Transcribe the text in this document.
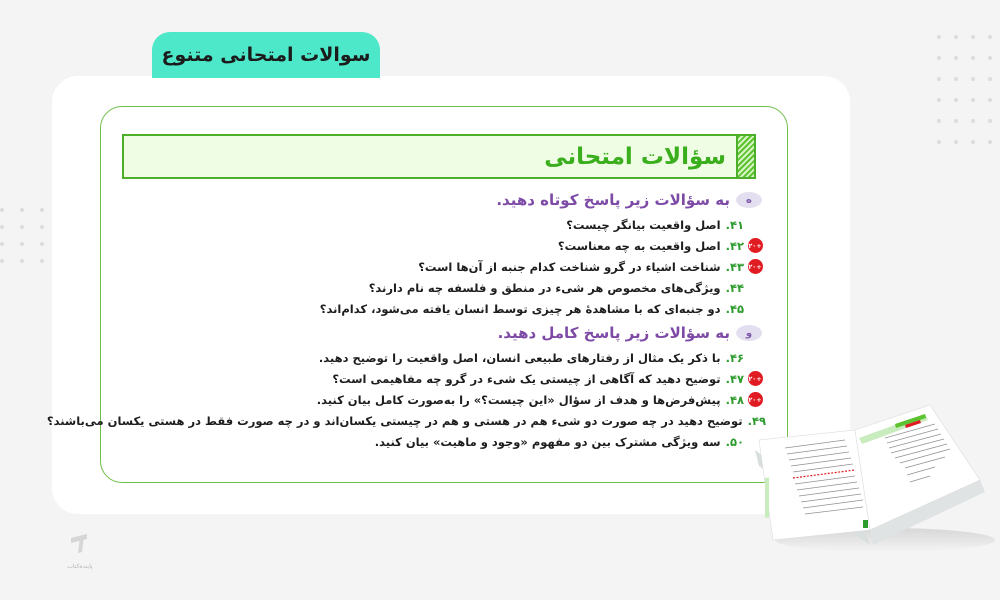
سوالات امتحانی متنوع
سؤالات امتحانی
ه
به سؤالات زیر پاسخ کوتاه دهید.
۴۱.
اصل واقعیت بیانگر چیست؟
+۲۰
۴۲.
اصل واقعیت به چه معناست؟
+۲۰
۴۳.
شناخت اشیاء در گرو شناخت کدام جنبه از آن‌ها است؟
۴۴.
ویژگی‌های مخصوص هر شیء در منطق و فلسفه چه نام دارند؟
۴۵.
دو جنبه‌ای که با مشاهدهٔ هر چیزی توسط انسان یافته می‌شود، کدام‌اند؟
و
به سؤالات زیر پاسخ کامل دهید.
۴۶.
با ذکر یک مثال از رفتارهای طبیعی انسان، اصل واقعیت را توضیح دهید.
+۲۰
۴۷.
توضیح دهید که آگاهی از چیستی یک شیء در گرو چه مفاهیمی است؟
+۲۰
۴۸.
پیش‌فرض‌ها و هدف از سؤال «این چیست؟» را به‌صورت کامل بیان کنید.
۴۹.
توضیح دهید در چه صورت دو شیء هم در هستی و هم در چیستی یکسان‌اند و در چه صورت فقط در هستی یکسان می‌باشند؟
۵۰.
سه ویژگی مشترک بین دو مفهوم «وجود و ماهیت» بیان کنید.
پاینده‌کتاب
